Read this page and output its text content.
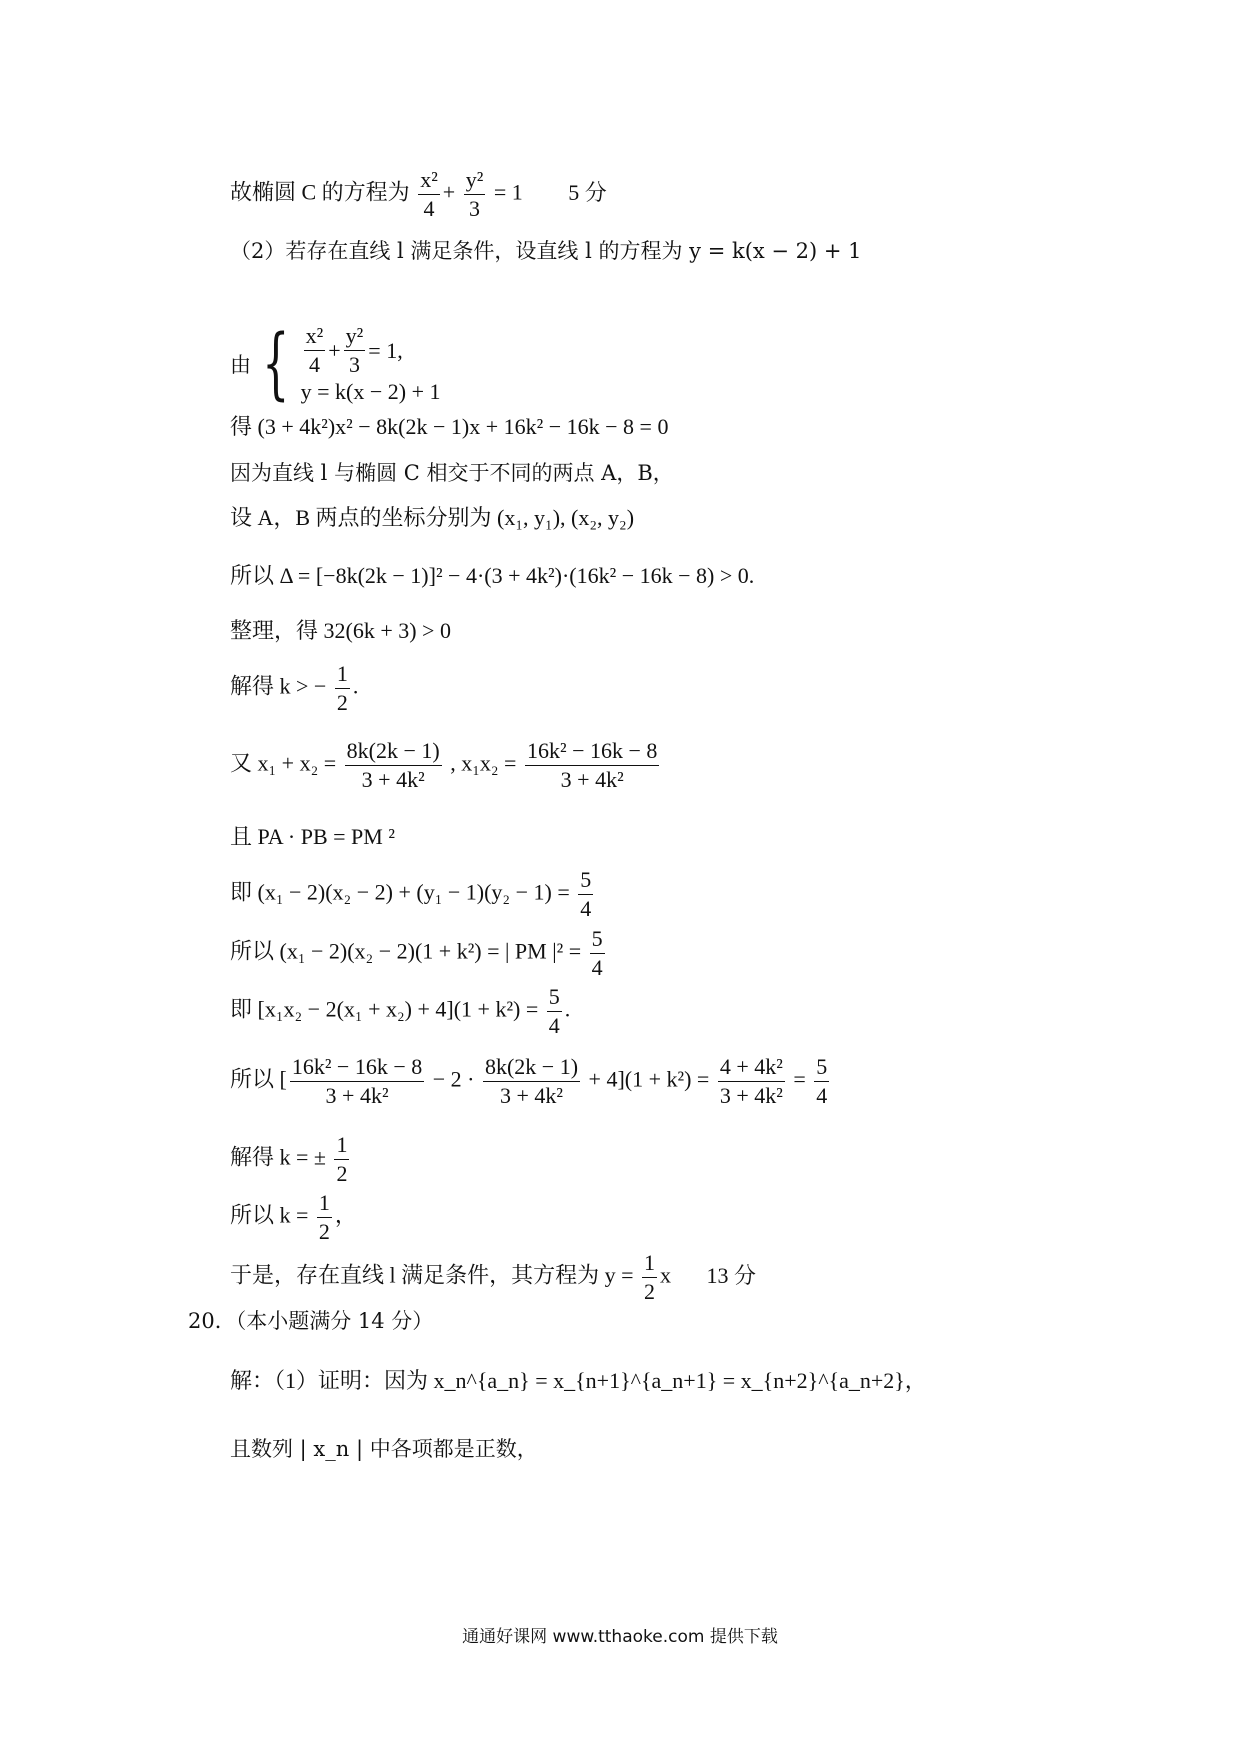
故椭圆 C 的方程为 $\frac{\text{x²}}{4} + \frac{\text{y²}}{3} = 1$ 5 分
（2）若存在直线 l 满足条件，设直线 l 的方程为 y = k(x − 2) + 1
由 { $\frac{\text{x²}}{4} + \frac{\text{y²}}{3} = 1$ ,
y = k(x − 2) + 1
得 (3 + 4k²)x² − 8k(2k − 1)x + 16k² − 16k − 8 = 0
因为直线 l 与椭圆 C 相交于不同的两点 A，B，
设 A，B 两点的坐标分别为 (x₁, y₁), (x₂, y₂)
所以 Δ = [−8k(2k − 1)]² − 4·(3 + 4k²)·(16k² − 16k − 8) > 0.
整理，得 32(6k + 3) > 0
解得 k > − $\frac{1}{2}$ .
又 $x_1 + x_2 = \frac{8k(2k - 1)}{\text{3 + 4k²}}$ , $x_1x_2 = \frac{\text{16k² − 16k − 8}}{\text{3 + 4k²}}$
且 PA · PB = PM ²
即 $(x_1 - 2)(x_2 - 2) + (y_1 - 1)(y_2 - 1) = \frac{5}{4}$
所以 (x₁ − 2)(x₂ − 2)(1 + k²) = | PM $|^2 = \frac{5}{4}$
即 $[x_1x_2 - 2(x_1 + x_2) + 4](1 + k^2) = \frac{5}{4}$ .
所以 [ $\frac{\text{16k² − 16k − 8}}{\text{3 + 4k²}} - 2 \cdot \frac{8k(2k - 1)}{\text{3 + 4k²}} + 4](1 + k^2) = \frac{\text{4 + 4k²}}{\text{3 + 4k²}} = \frac{5}{4}$
解得 k = ± $\frac{1}{2}$
所以 $k = \frac{1}{2}$ ，
于是，存在直线 l 满足条件，其方程为 $y = \frac{1}{2}$ x 13 分
20．（本小题满分 14 分）
解：（1）证明：因为 x_n^{a_n} = x_{n+1}^{a_n+1} = x_{n+2}^{a_n+2}，
且数列 | x_n | 中各项都是正数，
通通好课网 www.tthaoke.com 提供下载
